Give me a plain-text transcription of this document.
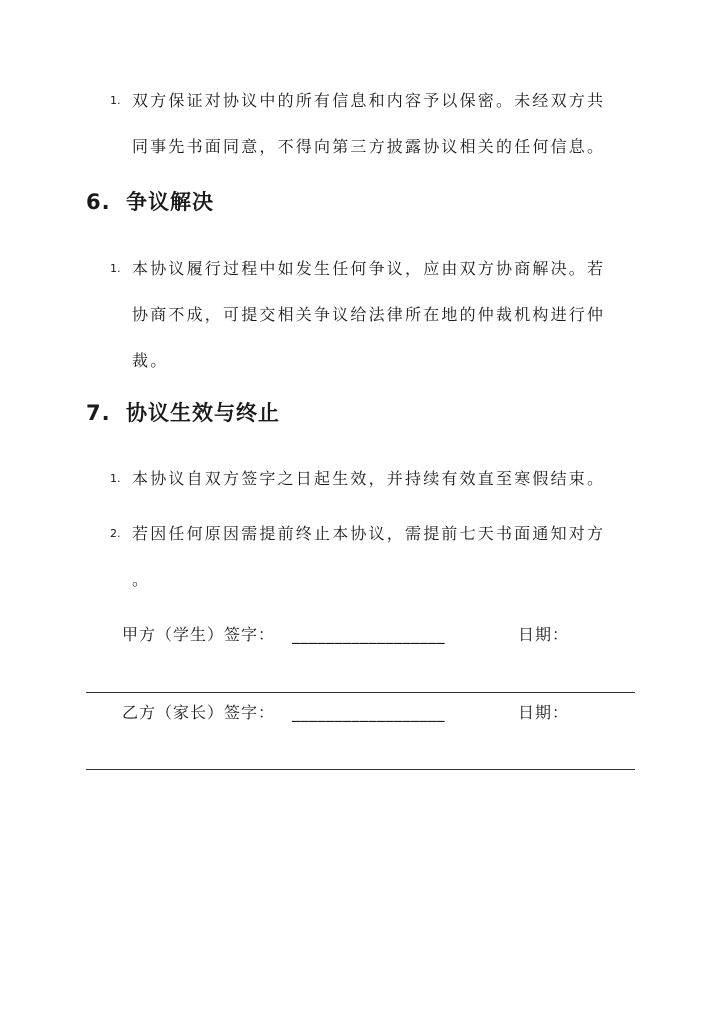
1. 双方保证对协议中的所有信息和内容予以保密。未经双方共
同事先书面同意，不得向第三方披露协议相关的任何信息。
6. 争议解决
1. 本协议履行过程中如发生任何争议，应由双方协商解决。若
协商不成，可提交相关争议给法律所在地的仲裁机构进行仲
裁。
7. 协议生效与终止
1. 本协议自双方签字之日起生效，并持续有效直至寒假结束。
2. 若因任何原因需提前终止本协议，需提前七天书面通知对方
。
甲方（学生）签字： __________________	日期：
乙方（家长）签字： __________________	日期：
